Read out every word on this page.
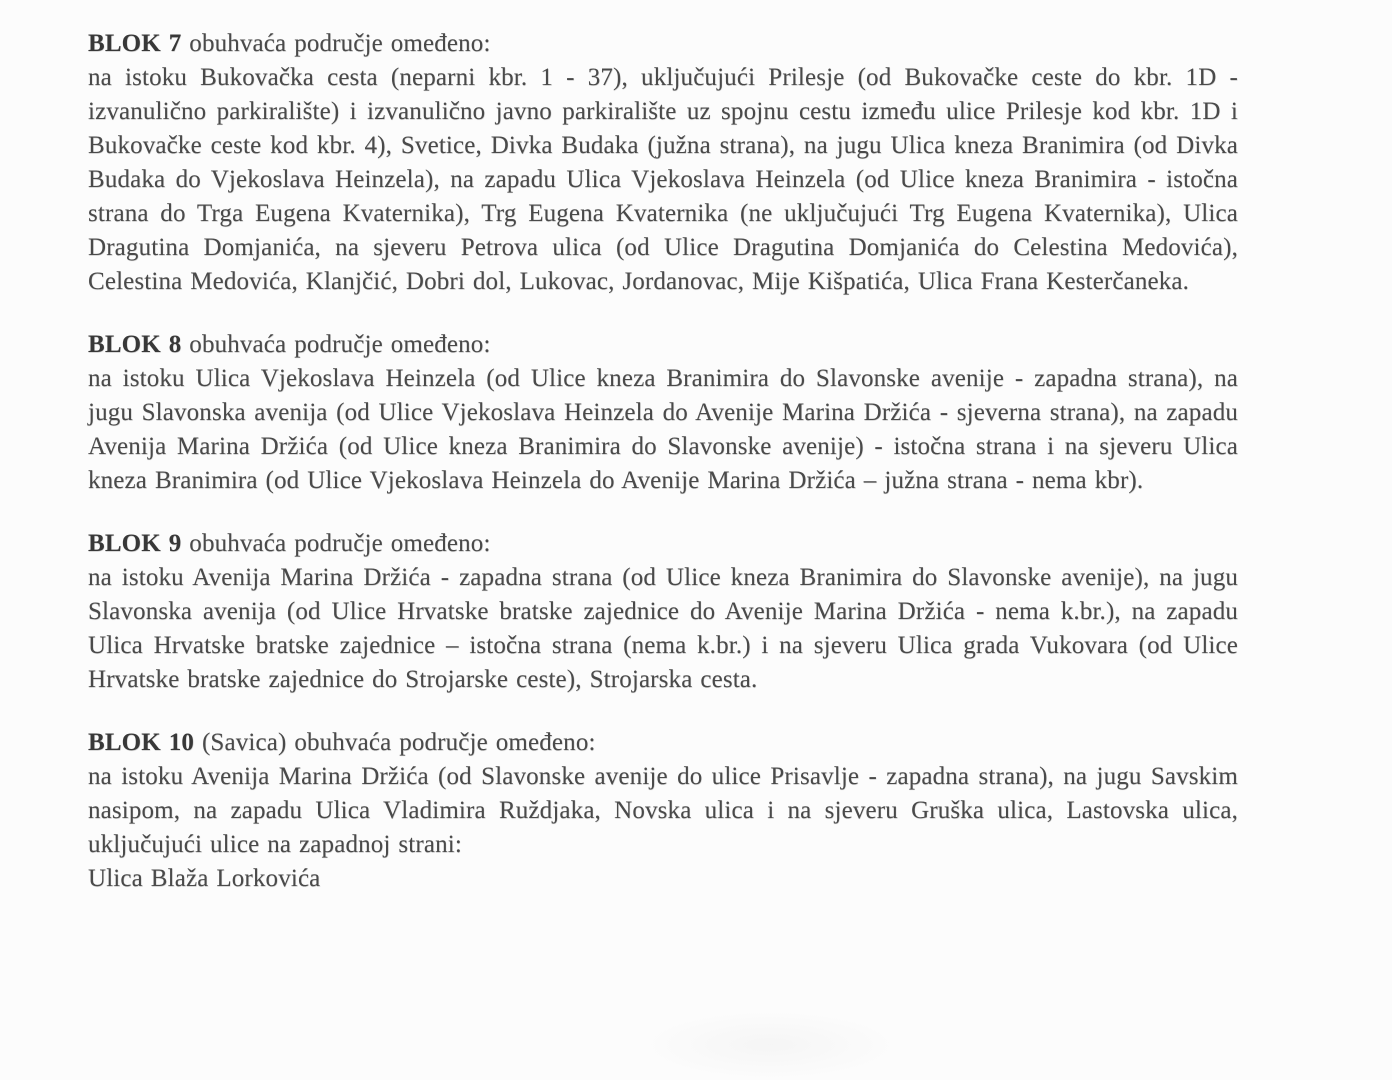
BLOK 7 obuhvaća područje omeđeno:
na istoku Bukovačka cesta (neparni kbr. 1 - 37), uključujući Prilesje (od Bukovačke ceste do kbr. 1D - izvanulično parkiralište) i izvanulično javno parkiralište uz spojnu cestu između ulice Prilesje kod kbr. 1D i Bukovačke ceste kod kbr. 4), Svetice, Divka Budaka (južna strana), na jugu Ulica kneza Branimira (od Divka Budaka do Vjekoslava Heinzela), na zapadu Ulica Vjekoslava Heinzela (od Ulice kneza Branimira - istočna strana do Trga Eugena Kvaternika), Trg Eugena Kvaternika (ne uključujući Trg Eugena Kvaternika), Ulica Dragutina Domjanića, na sjeveru Petrova ulica (od Ulice Dragutina Domjanića do Celestina Medovića), Celestina Medovića, Klanjčić, Dobri dol, Lukovac, Jordanovac, Mije Kišpatića, Ulica Frana Kesterčaneka.
BLOK 8 obuhvaća područje omeđeno:
na istoku Ulica Vjekoslava Heinzela (od Ulice kneza Branimira do Slavonske avenije - zapadna strana), na jugu Slavonska avenija (od Ulice Vjekoslava Heinzela do Avenije Marina Držića - sjeverna strana), na zapadu Avenija Marina Držića (od Ulice kneza Branimira do Slavonske avenije) - istočna strana i na sjeveru Ulica kneza Branimira (od Ulice Vjekoslava Heinzela do Avenije Marina Držića – južna strana - nema kbr).
BLOK 9 obuhvaća područje omeđeno:
na istoku Avenija Marina Držića - zapadna strana (od Ulice kneza Branimira do Slavonske avenije), na jugu Slavonska avenija (od Ulice Hrvatske bratske zajednice do Avenije Marina Držića - nema k.br.), na zapadu Ulica Hrvatske bratske zajednice – istočna strana (nema k.br.) i na sjeveru Ulica grada Vukovara (od Ulice Hrvatske bratske zajednice do Strojarske ceste), Strojarska cesta.
BLOK 10 (Savica) obuhvaća područje omeđeno:
na istoku Avenija Marina Držića (od Slavonske avenije do ulice Prisavlje - zapadna strana), na jugu Savskim nasipom, na zapadu Ulica Vladimira Ruždjaka, Novska ulica i na sjeveru Gruška ulica, Lastovska ulica, uključujući ulice na zapadnoj strani:
Ulica Blaža Lorkovića
